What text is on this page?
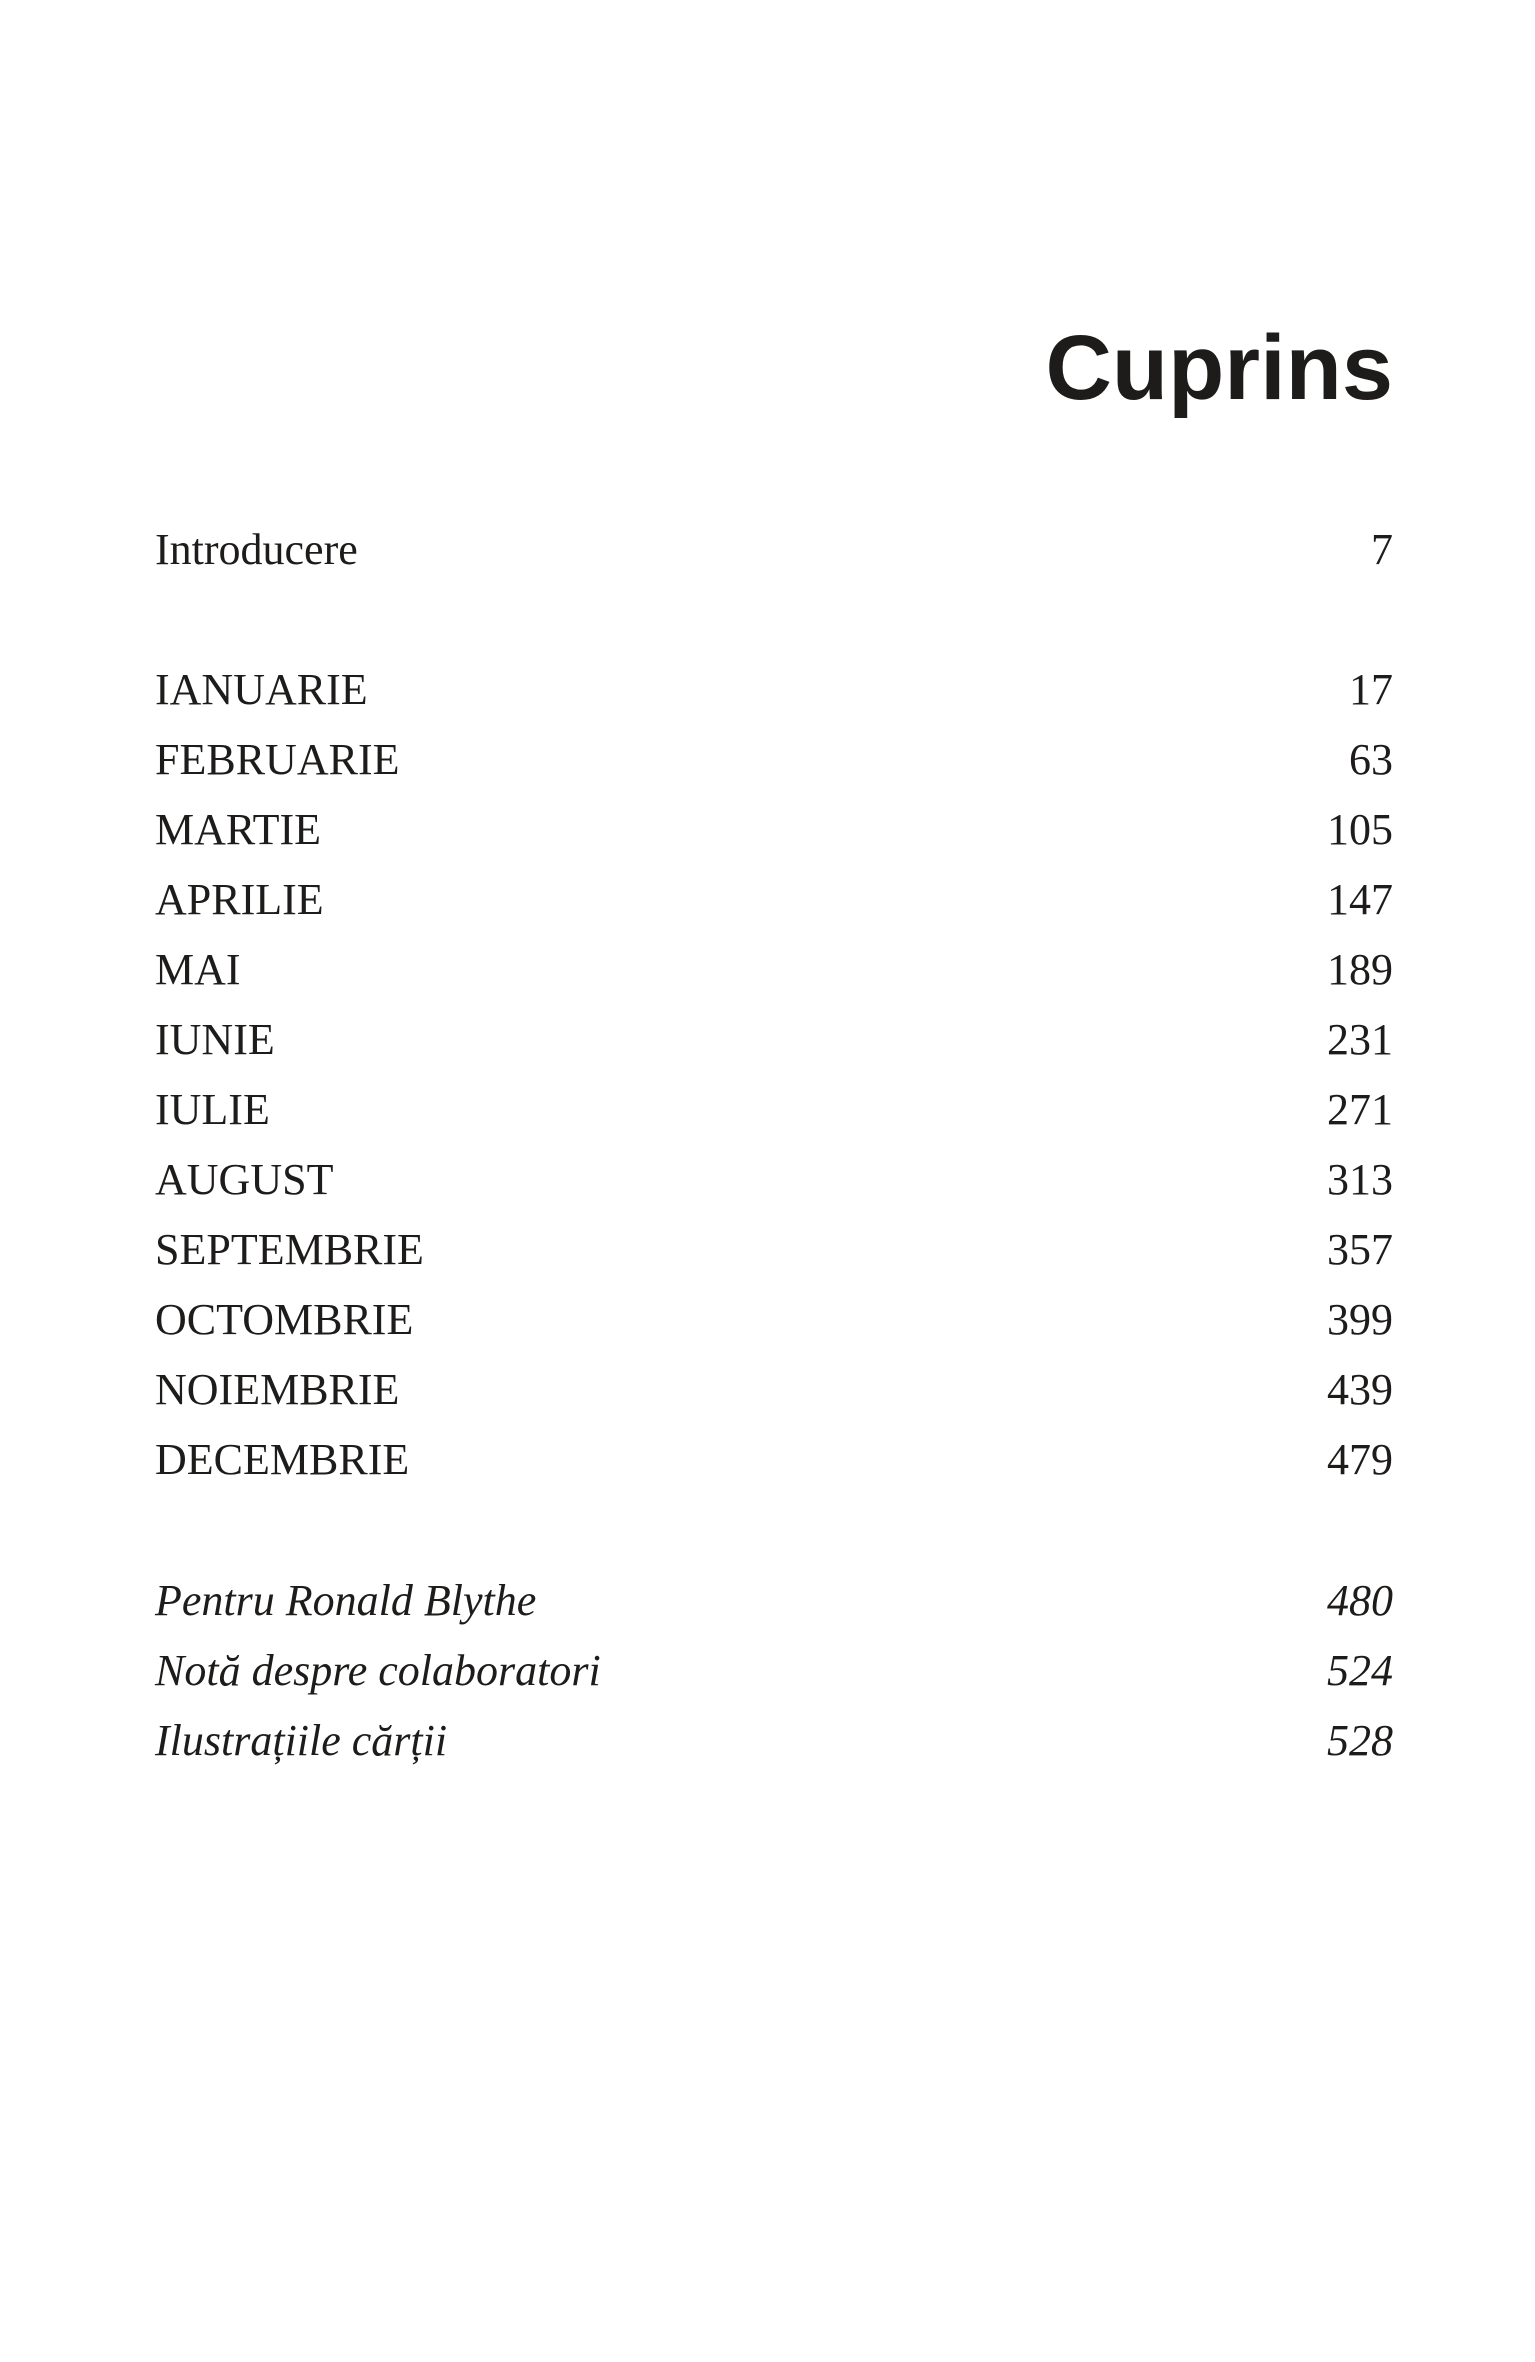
Cuprins
Introducere	7
IANUARIE	17
FEBRUARIE	63
MARTIE	105
APRILIE	147
MAI	189
IUNIE	231
IULIE	271
AUGUST	313
SEPTEMBRIE	357
OCTOMBRIE	399
NOIEMBRIE	439
DECEMBRIE	479
Pentru Ronald Blythe	480
Notă despre colaboratori	524
Ilustrațiile cărții	528
